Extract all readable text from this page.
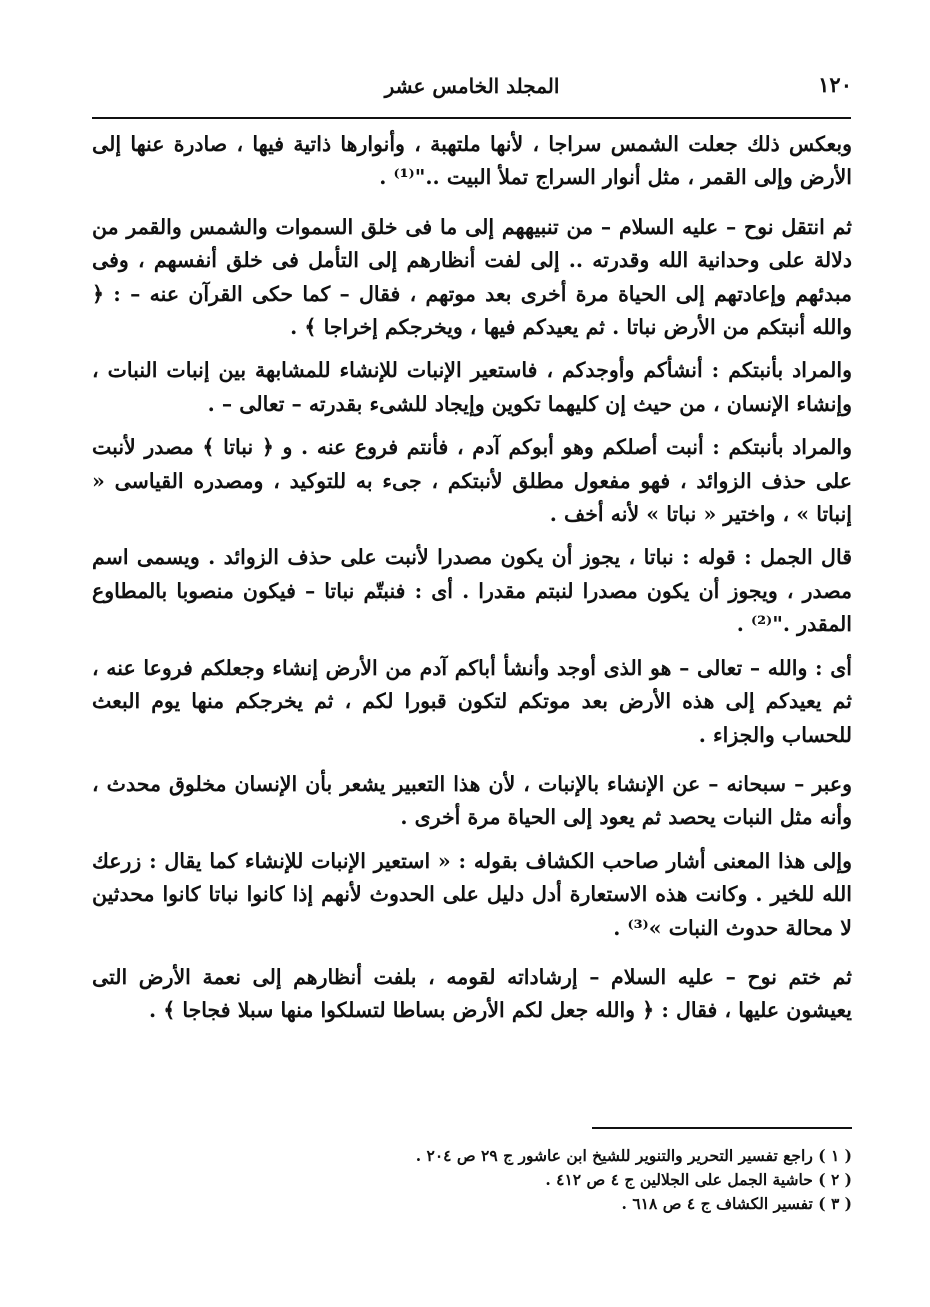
١٢٠
المجلد الخامس عشر

وبعكس ذلك جعلت الشمس سراجا ، لأنها ملتهبة ، وأنوارها ذاتية فيها ، صادرة عنها إلى الأرض وإلى القمر ، مثل أنوار السراج تملأ البيت .."⁽¹⁾ .

ثم انتقل نوح – عليه السلام – من تنبيههم إلى ما فى خلق السموات والشمس والقمر من دلالة على وحدانية الله وقدرته .. إلى لفت أنظارهم إلى التأمل فى خلق أنفسهم ، وفى مبدئهم وإعادتهم إلى الحياة مرة أخرى بعد موتهم ، فقال – كما حكى القرآن عنه – : ﴿ والله أنبتكم من الأرض نباتا . ثم يعيدكم فيها ، ويخرجكم إخراجا ﴾ .

والمراد بأنبتكم : أنشأكم وأوجدكم ، فاستعير الإنبات للإنشاء للمشابهة بين إنبات النبات ، وإنشاء الإنسان ، من حيث إن كليهما تكوين وإيجاد للشىء بقدرته – تعالى – .

والمراد بأنبتكم : أنبت أصلكم وهو أبوكم آدم ، فأنتم فروع عنه . و ﴿ نباتا ﴾ مصدر لأنبت على حذف الزوائد ، فهو مفعول مطلق لأنبتكم ، جىء به للتوكيد ، ومصدره القياسى « إنباتا » ، واختير « نباتا » لأنه أخف .

قال الجمل : قوله : نباتا ، يجوز أن يكون مصدرا لأنبت على حذف الزوائد . ويسمى اسم مصدر ، ويجوز أن يكون مصدرا لنبتم مقدرا . أى : فنبتّم نباتا – فيكون منصوبا بالمطاوع المقدر ."⁽²⁾ .

أى : والله – تعالى – هو الذى أوجد وأنشأ أباكم آدم من الأرض إنشاء وجعلكم فروعا عنه ، ثم يعيدكم إلى هذه الأرض بعد موتكم لتكون قبورا لكم ، ثم يخرجكم منها يوم البعث للحساب والجزاء .

وعبر – سبحانه – عن الإنشاء بالإنبات ، لأن هذا التعبير يشعر بأن الإنسان مخلوق محدث ، وأنه مثل النبات يحصد ثم يعود إلى الحياة مرة أخرى .

وإلى هذا المعنى أشار صاحب الكشاف بقوله : « استعير الإنبات للإنشاء كما يقال : زرعك الله للخير . وكانت هذه الاستعارة أدل دليل على الحدوث لأنهم إذا كانوا نباتا كانوا محدثين لا محالة حدوث النبات »⁽³⁾ .

ثم ختم نوح – عليه السلام – إرشاداته لقومه ، بلفت أنظارهم إلى نعمة الأرض التى يعيشون عليها ، فقال : ﴿ والله جعل لكم الأرض بساطا لتسلكوا منها سبلا فجاجا ﴾ .

( ١ ) راجع تفسير التحرير والتنوير للشيخ ابن عاشور ج ٢٩ ص ٢٠٤ .

( ٢ ) حاشية الجمل على الجلالين ج ٤ ص ٤١٢ .

( ٣ ) تفسير الكشاف ج ٤ ص ٦١٨ .
